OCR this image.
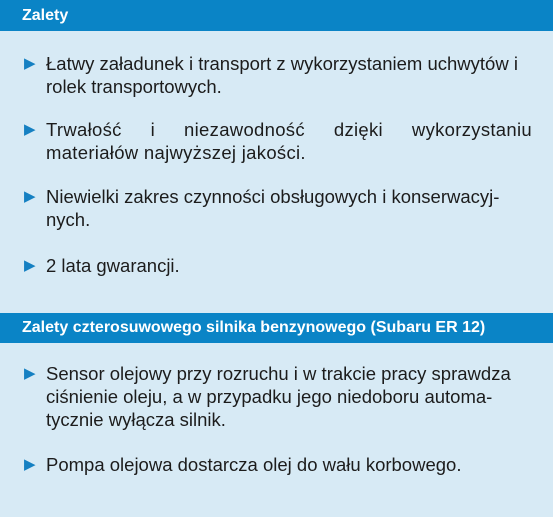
Zalety
▶ Łatwy załadunek i transport z wykorzystaniem uchwytów i rolek transportowych.
▶ Trwałość i niezawodność dzięki wykorzystaniu materiałów najwyższej jakości.
▶ Niewielki zakres czynności obsługowych i konserwacyj-nych.
▶ 2 lata gwarancji.
Zalety czterosuwowego silnika benzynowego (Subaru ER 12)
▶ Sensor olejowy przy rozruchu i w trakcie pracy sprawdza ciśnienie oleju, a w przypadku jego niedoboru automa-tycznie wyłącza silnik.
▶ Pompa olejowa dostarcza olej do wału korbowego.
